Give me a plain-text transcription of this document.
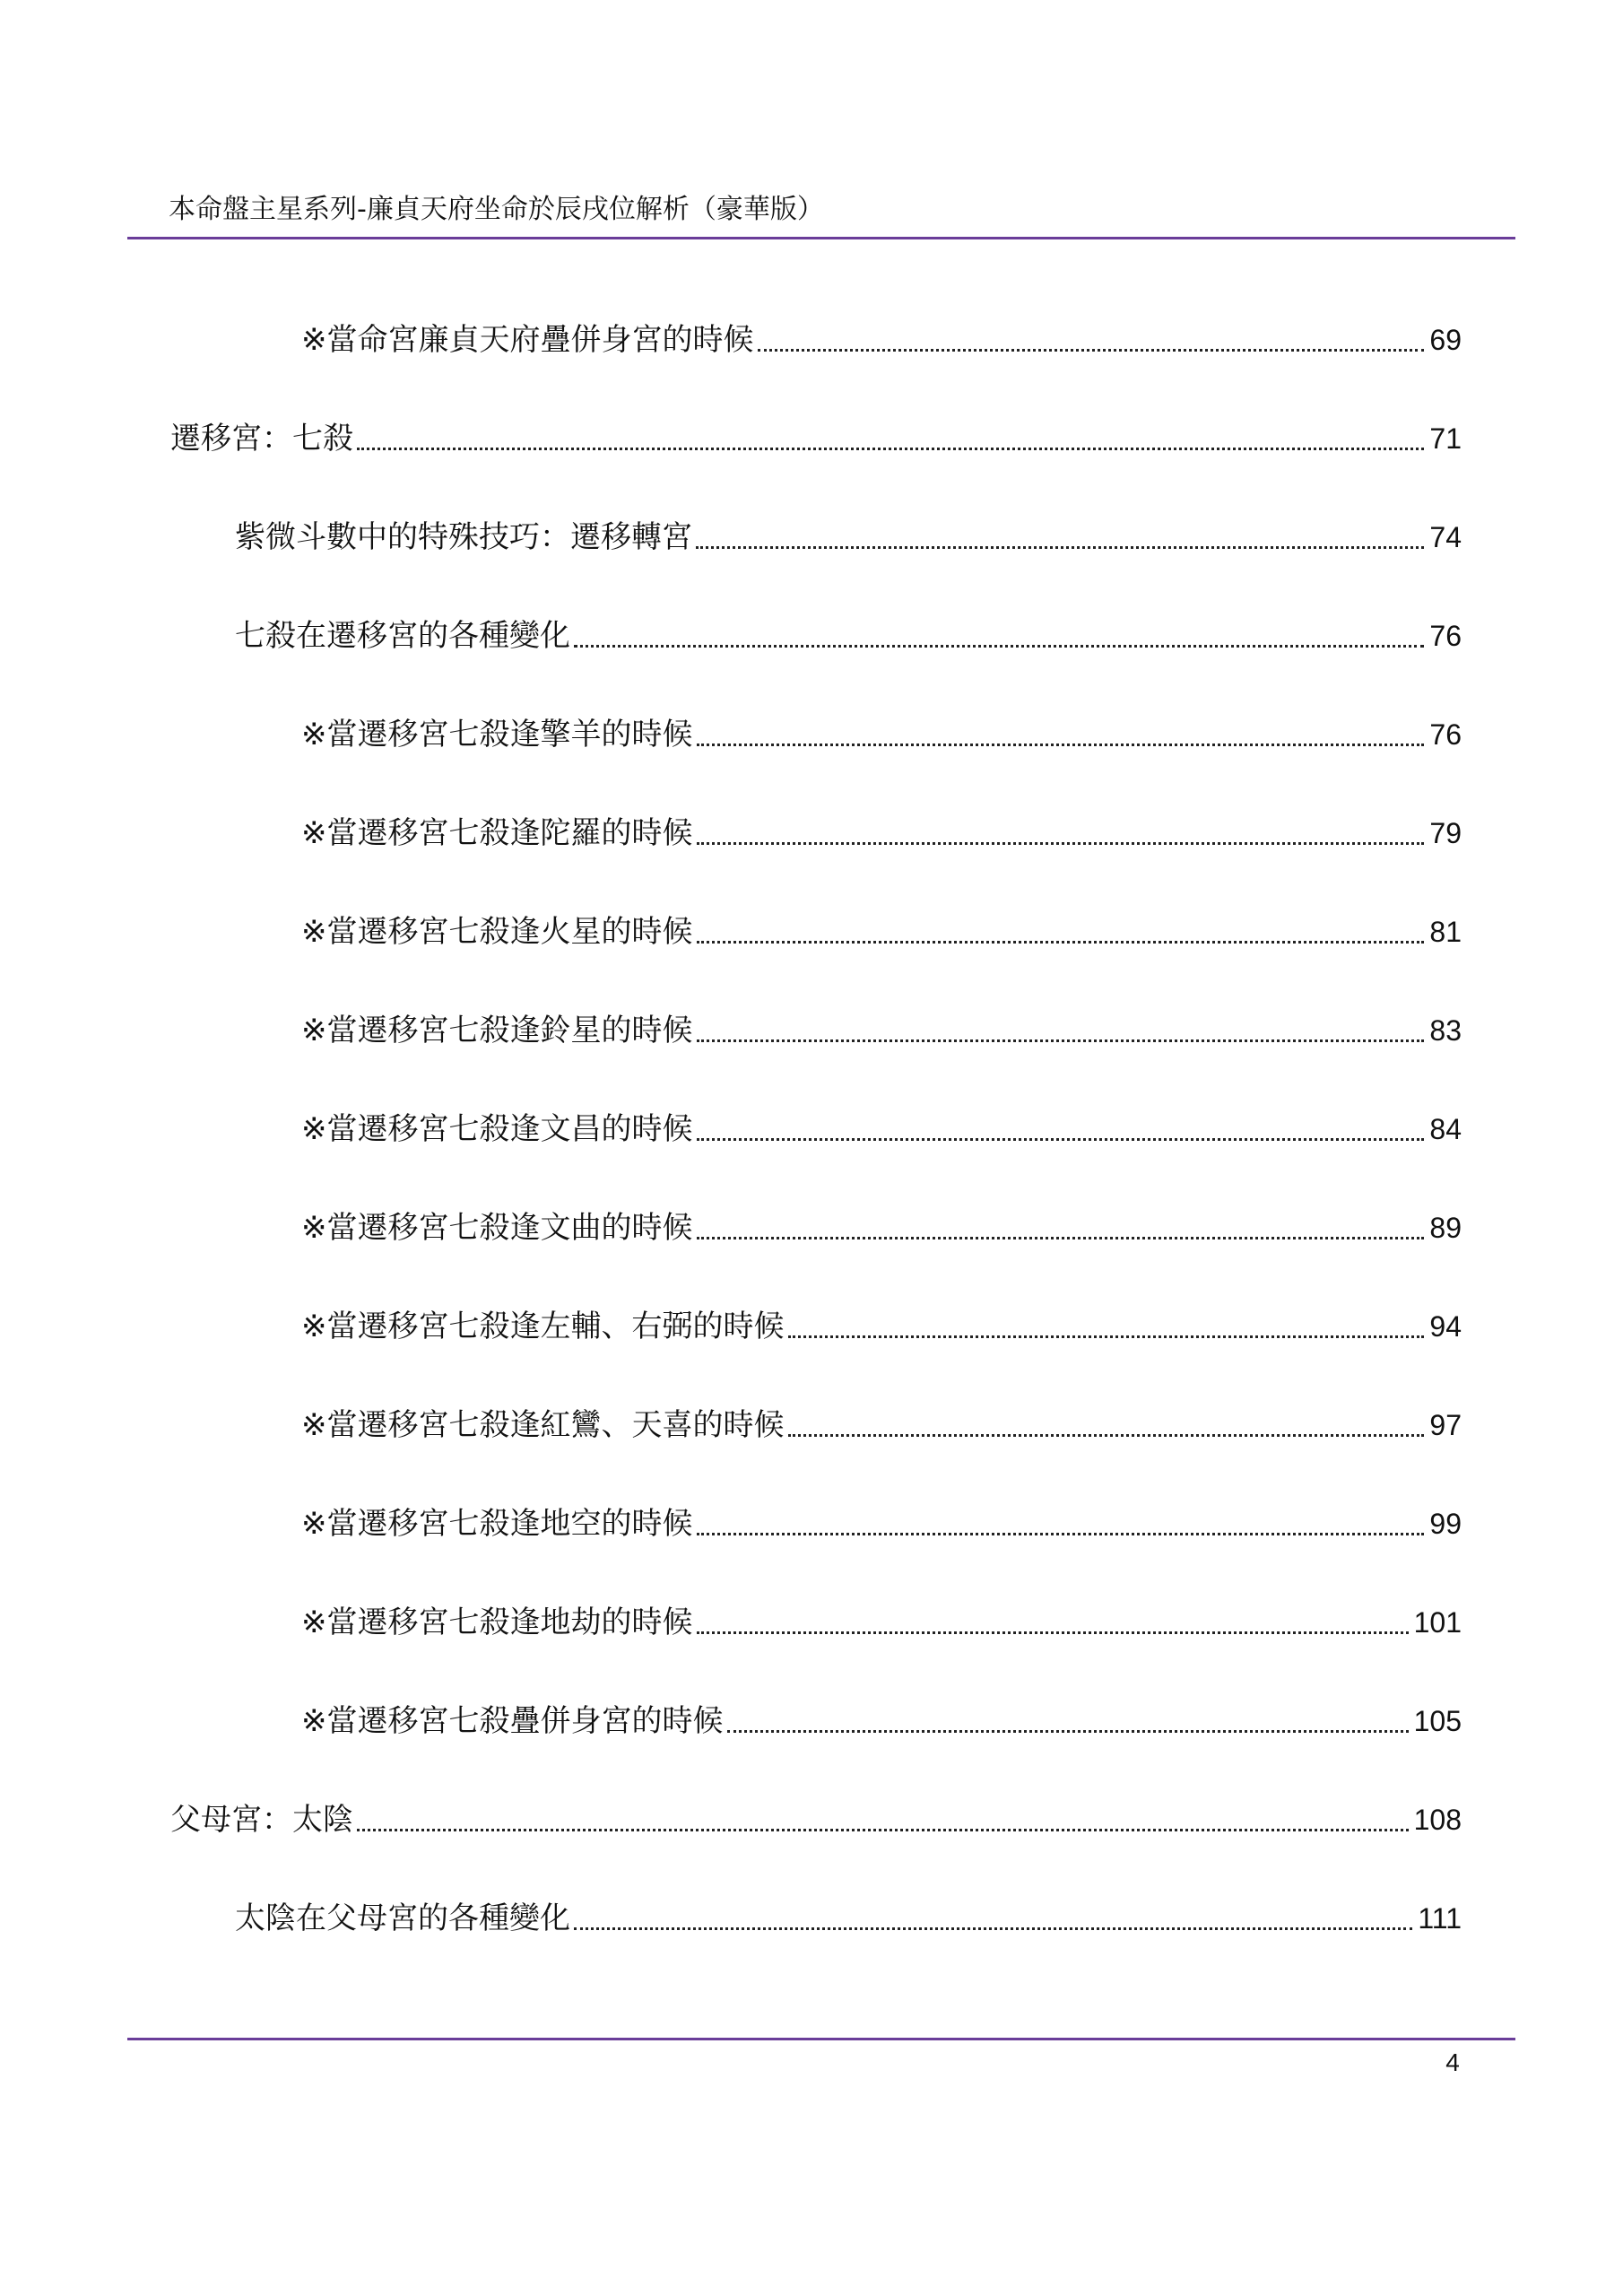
本命盤主星系列-廉貞天府坐命於辰戌位解析（豪華版）
※當命宮廉貞天府疊併身宮的時候	69
遷移宮：七殺	71
紫微斗數中的特殊技巧：遷移轉宮	74
七殺在遷移宮的各種變化	76
※當遷移宮七殺逢擎羊的時候	76
※當遷移宮七殺逢陀羅的時候	79
※當遷移宮七殺逢火星的時候	81
※當遷移宮七殺逢鈴星的時候	83
※當遷移宮七殺逢文昌的時候	84
※當遷移宮七殺逢文曲的時候	89
※當遷移宮七殺逢左輔、右弼的時候	94
※當遷移宮七殺逢紅鸞、天喜的時候	97
※當遷移宮七殺逢地空的時候	99
※當遷移宮七殺逢地劫的時候	101
※當遷移宮七殺疊併身宮的時候	105
父母宮：太陰	108
太陰在父母宮的各種變化	111
4
